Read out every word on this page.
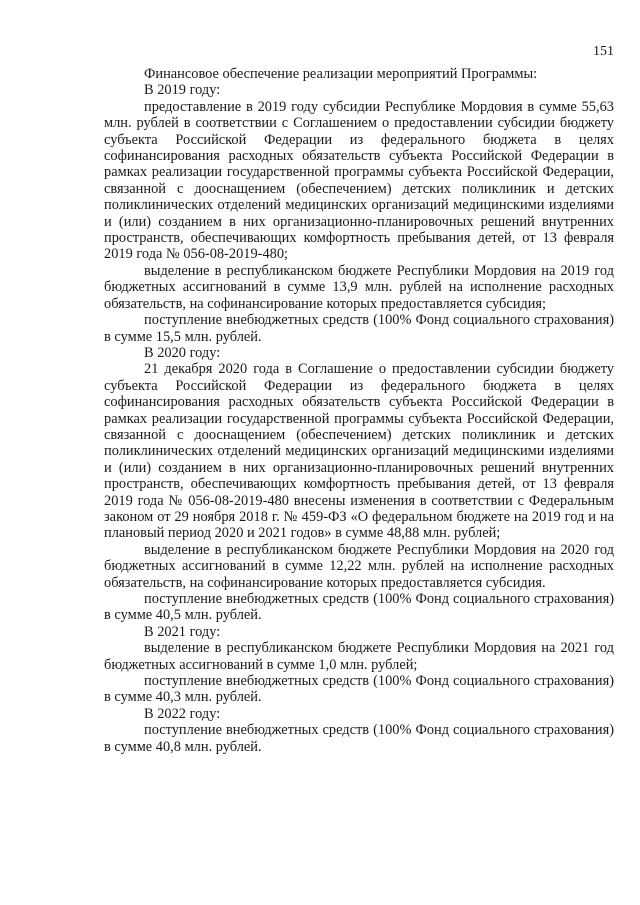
151

Финансовое обеспечение реализации мероприятий Программы:

В 2019 году:

предоставление в 2019 году субсидии Республике Мордовия в сумме 55,63 млн. рублей в соответствии с Соглашением о предоставлении субсидии бюджету субъекта Российской Федерации из федерального бюджета в целях софинансирования расходных обязательств субъекта Российской Федерации в рамках реализации государственной программы субъекта Российской Федерации, связанной с дооснащением (обеспечением) детских поликлиник и детских поликлинических отделений медицинских организаций медицинскими изделиями и (или) созданием в них организационно-планировочных решений внутренних пространств, обеспечивающих комфортность пребывания детей, от 13 февраля 2019 года № 056-08-2019-480;

выделение в республиканском бюджете Республики Мордовия на 2019 год бюджетных ассигнований в сумме 13,9 млн. рублей на исполнение расходных обязательств, на софинансирование которых предоставляется субсидия;

поступление внебюджетных средств (100% Фонд социального страхования) в сумме 15,5 млн. рублей.

В 2020 году:

21 декабря 2020 года в Соглашение о предоставлении субсидии бюджету субъекта Российской Федерации из федерального бюджета в целях софинансирования расходных обязательств субъекта Российской Федерации в рамках реализации государственной программы субъекта Российской Федерации, связанной с дооснащением (обеспечением) детских поликлиник и детских поликлинических отделений медицинских организаций медицинскими изделиями и (или) созданием в них организационно-планировочных решений внутренних пространств, обеспечивающих комфортность пребывания детей, от 13 февраля 2019 года № 056-08-2019-480 внесены изменения в соответствии с Федеральным законом от 29 ноября 2018 г. № 459-ФЗ «О федеральном бюджете на 2019 год и на плановый период 2020 и 2021 годов» в сумме 48,88 млн. рублей;

выделение в республиканском бюджете Республики Мордовия на 2020 год бюджетных ассигнований в сумме 12,22 млн. рублей на исполнение расходных обязательств, на софинансирование которых предоставляется субсидия.

поступление внебюджетных средств (100% Фонд социального страхования) в сумме 40,5 млн. рублей.

В 2021 году:

выделение в республиканском бюджете Республики Мордовия на 2021 год бюджетных ассигнований в сумме 1,0 млн. рублей;

поступление внебюджетных средств (100% Фонд социального страхования) в сумме 40,3 млн. рублей.

В 2022 году:

поступление внебюджетных средств (100% Фонд социального страхования) в сумме 40,8 млн. рублей.
